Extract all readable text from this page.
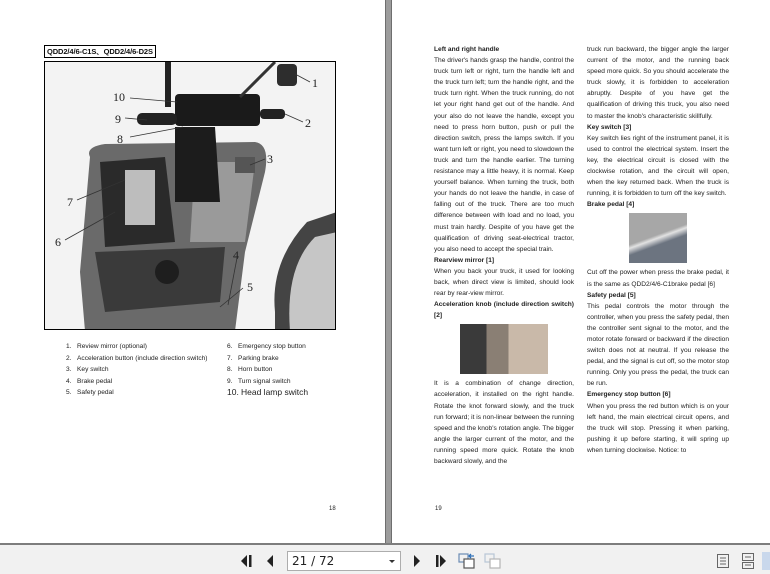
QDD2/4/6-C1S、QDD2/4/6-D2S
1
2
3
4
5
6
7
8
9
10
1. Review mirror (optional)
2. Acceleration button (include direction switch)
3. Key switch
4. Brake pedal
5. Safety pedal
6. Emergency stop button
7. Parking brake
8. Horn button
9. Turn signal switch
10. Head lamp switch
18

Left and right handle

The driver's hands grasp the handle, control the truck turn left or right, turn the handle left and the truck turn left; turn the handle right, and the truck turn right. When the truck running, do not let your right hand get out of the handle. And your also do not leave the handle, except you need to press horn button, push or pull the direction switch, press the lamps switch. If you want turn left or right, you need to slowdown the truck and turn the handle earlier. The turning resistance may a little heavy, it is normal. Keep yourself balance. When turning the truck, both your hands do not leave the handle, in case of falling out of the truck. There are too much difference between with load and no load, you must train hardly. Despite of you have get the qualification of driving seat-electrical tractor, you also need to accept the special train.

Rearview mirror [1]

When you back your truck, it used for looking back, when direct view is limited, should look rear by rear-view mirror.

Acceleration knob (include direction switch) [2]

It is a combination of change direction, acceleration, it installed on the right handle. Rotate the knot forward slowly, and the truck run forward; it is non-linear between the running speed and the knob's rotation angle. The bigger angle the larger current of the motor, and the running speed more quick. Rotate the knob backward slowly, and the

truck run backward, the bigger angle the larger current of the motor, and the running back speed more quick. So you should accelerate the truck slowly, it is forbidden to acceleration abruptly. Despite of you have get the qualification of driving this truck, you also need to master the knob's characteristic skillfully.

Key switch [3]

Key switch lies right of the instrument panel, it is used to control the electrical system. Insert the key, the electrical circuit is closed with the clockwise rotation, and the circuit will open, when the key returned back. When the truck is running, it is forbidden to turn off the key switch.

Brake pedal [4]

Cut off the power when press the brake pedal, it is the same as QDD2/4/6-C1brake pedal [6]

Safety pedal [5]

This pedal controls the motor through the controller, when you press the safety pedal, then the controller sent signal to the motor, and the motor rotate forward or backward if the direction switch does not at neutral. If you release the pedal, and the signal is cut off, so the motor stop running. Only you press the pedal, the truck can be run.

Emergency stop button [6]

When you press the red button which is on your left hand, the main electrical circuit opens, and the truck will stop. Pressing it when parking, pushing it up before starting, it will spring up when turning clockwise. Notice: to

19
21 / 72
